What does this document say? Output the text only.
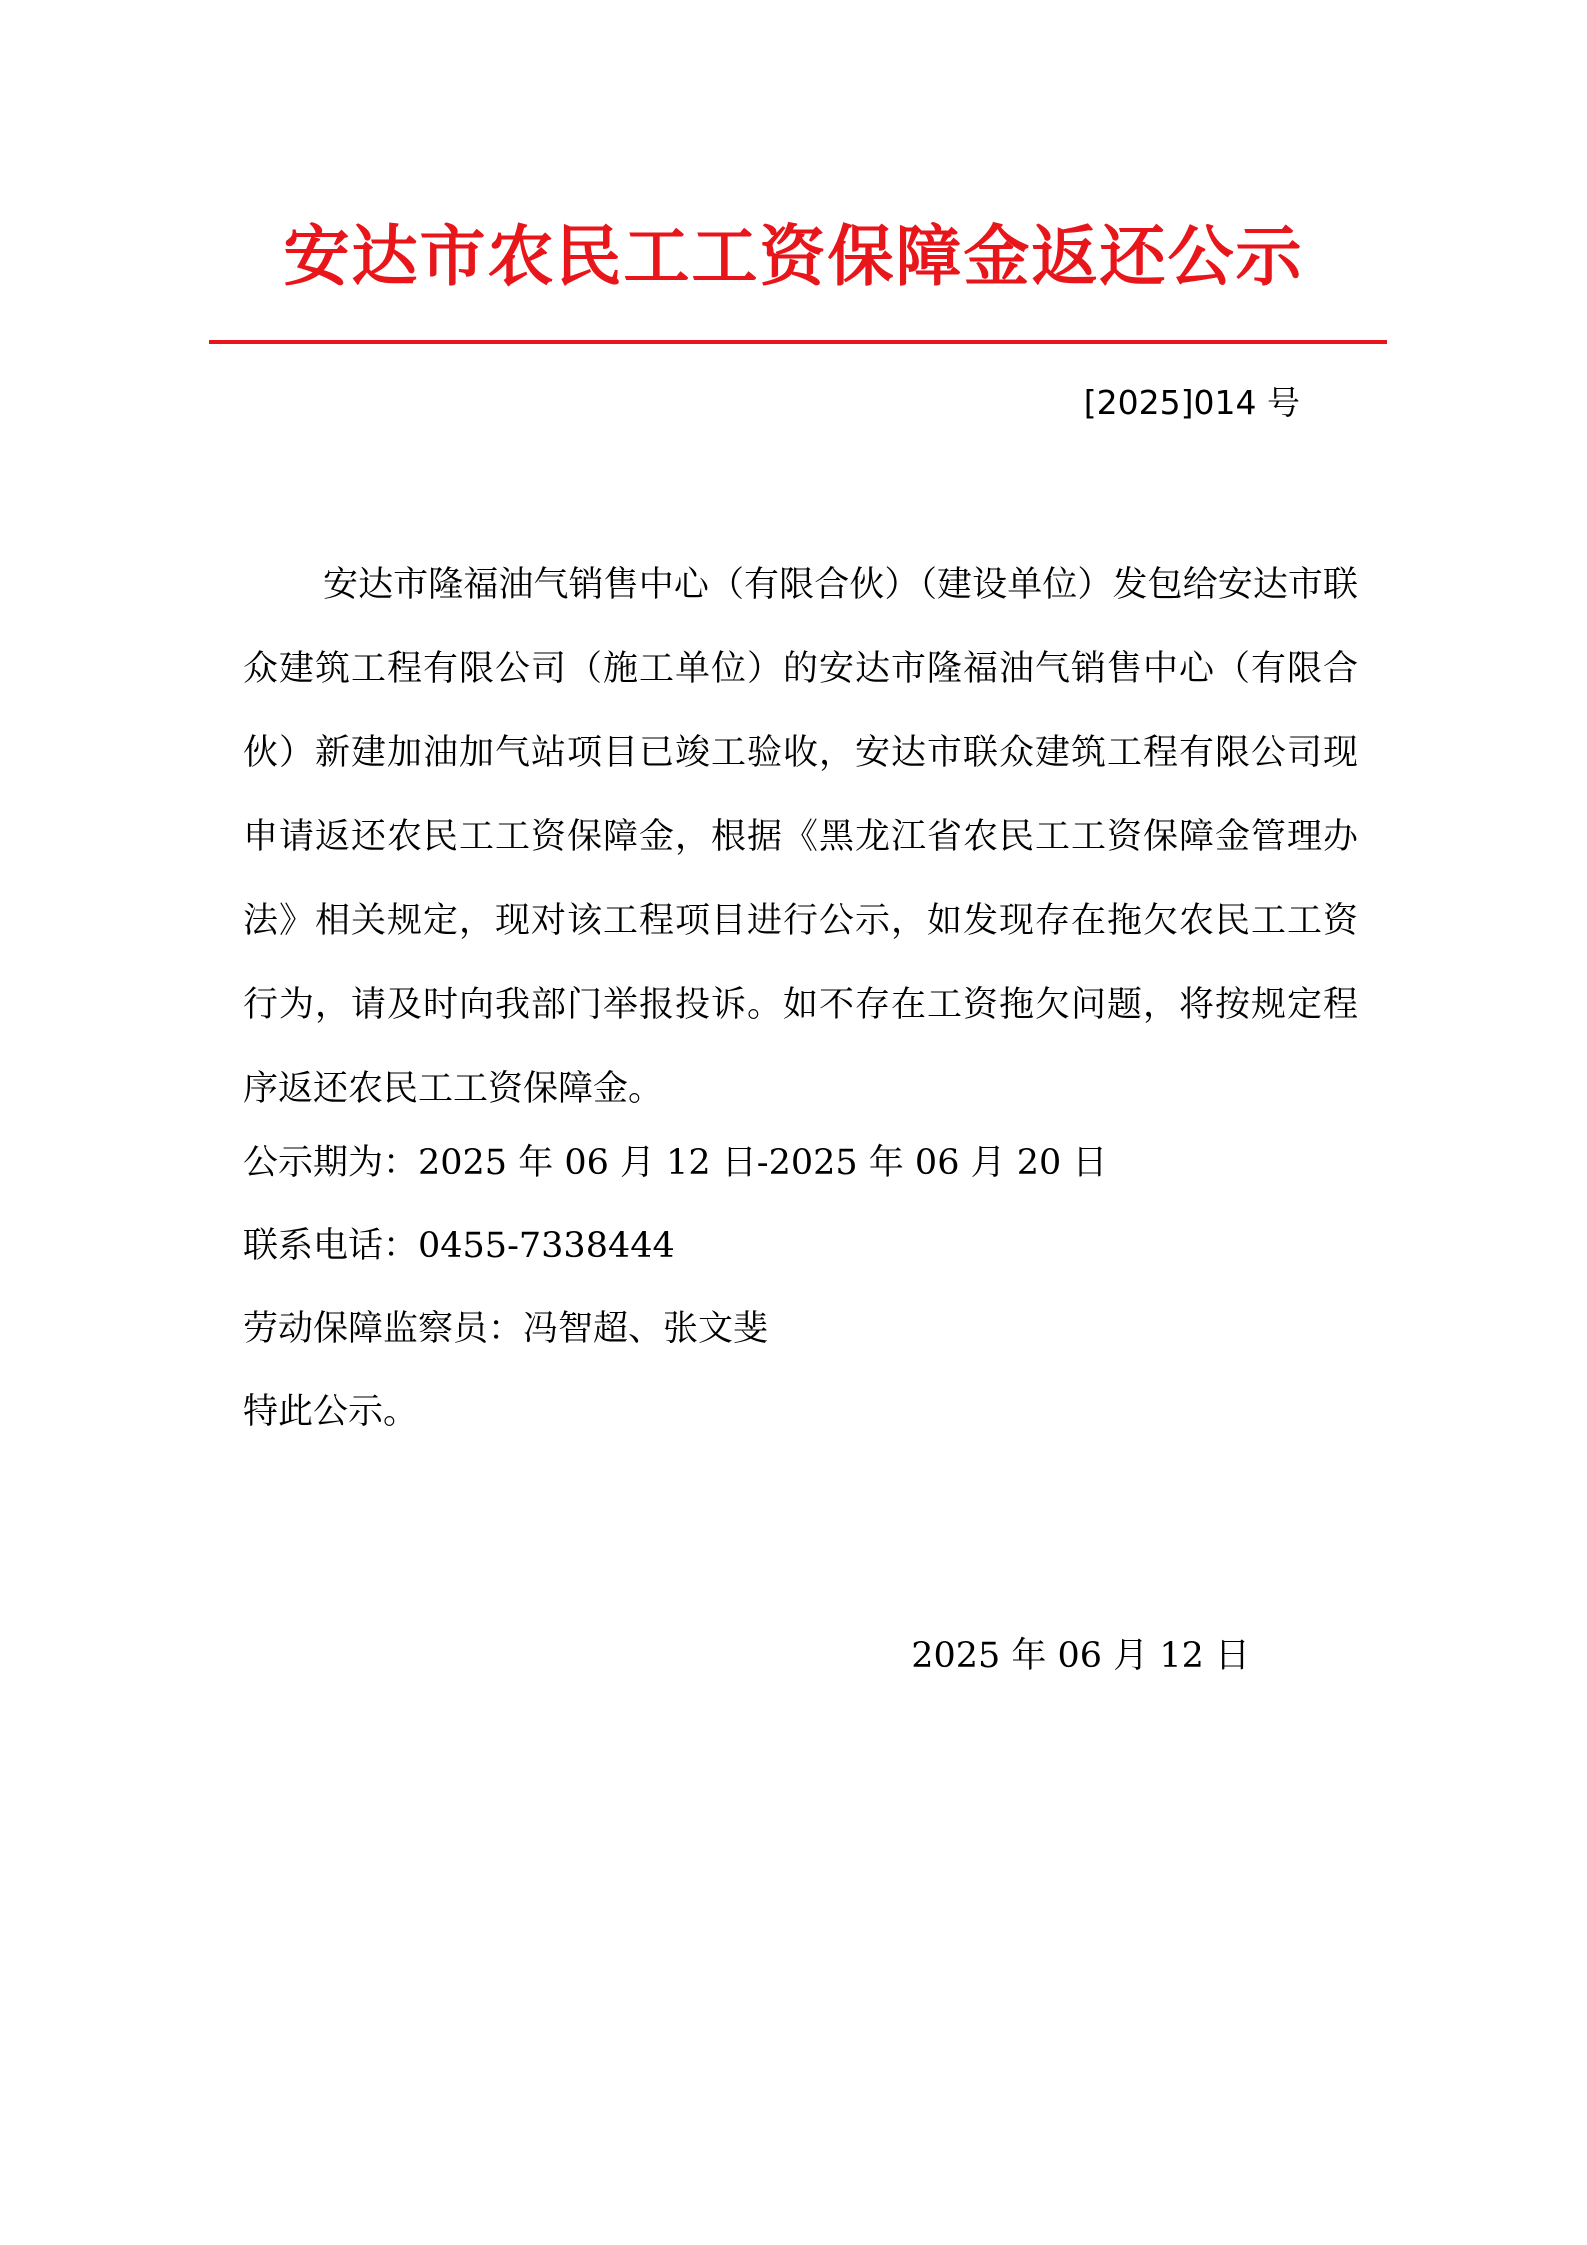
安达市农民工工资保障金返还公示
[2025]014 号

安达市隆福油气销售中心（有限合伙）（建设单位）发包给安达市联众建筑工程有限公司（施工单位）的安达市隆福油气销售中心（有限合伙）新建加油加气站项目已竣工验收，安达市联众建筑工程有限公司现申请返还农民工工资保障金，根据《黑龙江省农民工工资保障金管理办法》相关规定，现对该工程项目进行公示，如发现存在拖欠农民工工资行为，请及时向我部门举报投诉。如不存在工资拖欠问题，将按规定程序返还农民工工资保障金。

公示期为：2025 年 06 月 12 日-2025 年 06 月 20 日

联系电话：0455-7338444

劳动保障监察员：冯智超、张文斐

特此公示。

2025 年 06 月 12 日
